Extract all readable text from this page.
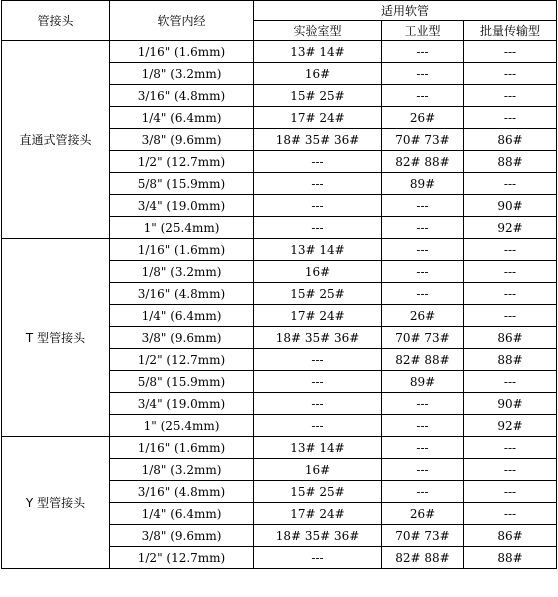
管接头	软管内经	适用软管		
		实验室型	工业型	批量传输型
直通式管接头	1/16" (1.6mm)	13# 14#	---	---
	1/8" (3.2mm)	16#	---	---
	3/16" (4.8mm)	15# 25#	---	---
	1/4" (6.4mm)	17# 24#	26#	---
	3/8" (9.6mm)	18# 35# 36#	70# 73#	86#
	1/2" (12.7mm)	---	82# 88#	88#
	5/8" (15.9mm)	---	89#	---
	3/4" (19.0mm)	---	---	90#
	1" (25.4mm)	---	---	92#
T 型管接头	1/16" (1.6mm)	13# 14#	---	---
	1/8" (3.2mm)	16#	---	---
	3/16" (4.8mm)	15# 25#	---	---
	1/4" (6.4mm)	17# 24#	26#	---
	3/8" (9.6mm)	18# 35# 36#	70# 73#	86#
	1/2" (12.7mm)	---	82# 88#	88#
	5/8" (15.9mm)	---	89#	---
	3/4" (19.0mm)	---	---	90#
	1" (25.4mm)	---	---	92#
Y 型管接头	1/16" (1.6mm)	13# 14#	---	---
	1/8" (3.2mm)	16#	---	---
	3/16" (4.8mm)	15# 25#	---	---
	1/4" (6.4mm)	17# 24#	26#	---
	3/8" (9.6mm)	18# 35# 36#	70# 73#	86#
	1/2" (12.7mm)	---	82# 88#	88#
